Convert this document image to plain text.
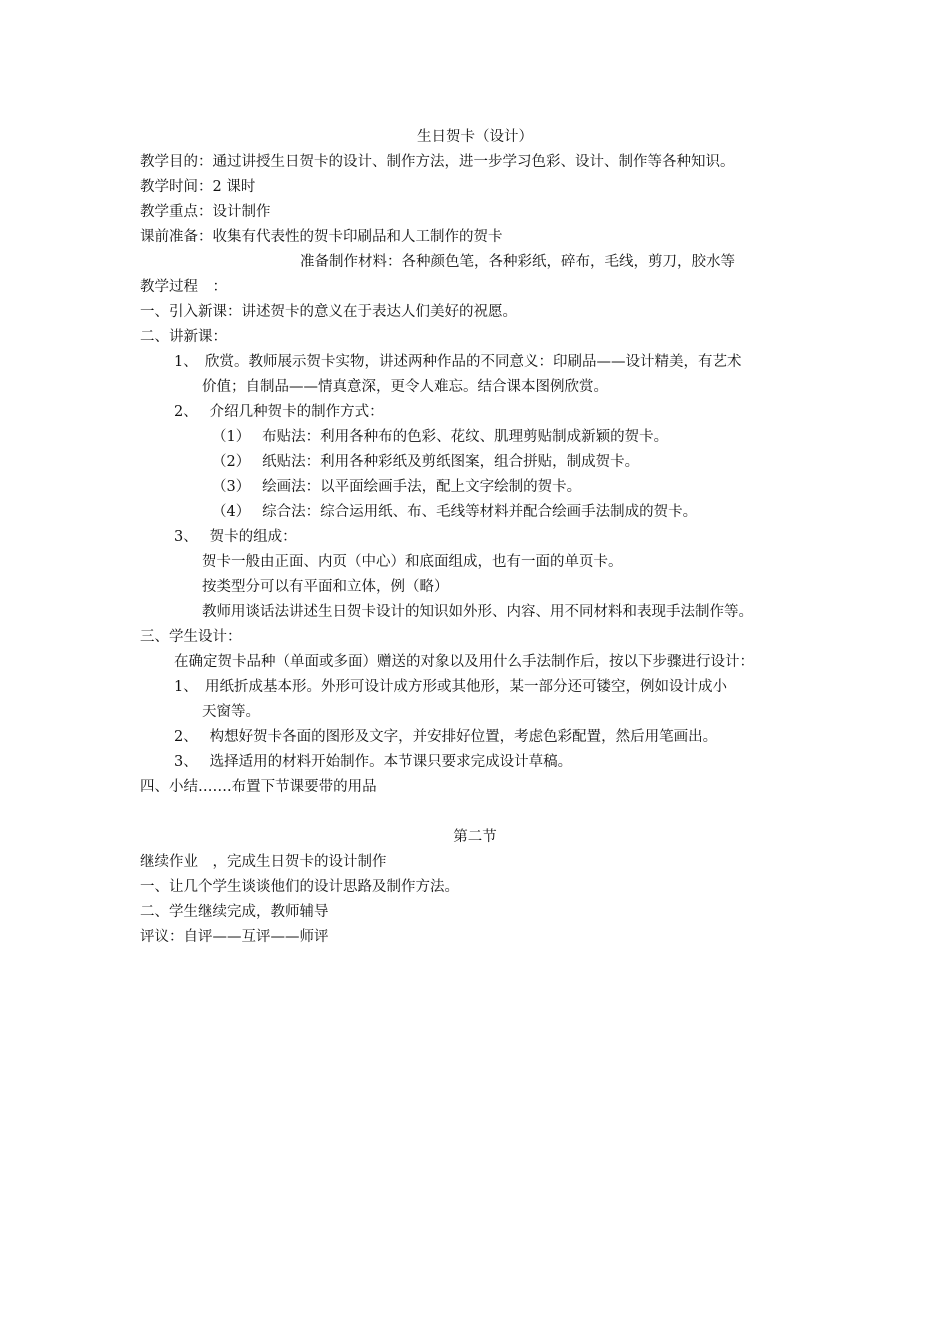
生日贺卡（设计）
教学目的：通过讲授生日贺卡的设计、制作方法，进一步学习色彩、设计、制作等各种知识。
教学时间：2 课时
教学重点：设计制作
课前准备：收集有代表性的贺卡印刷品和人工制作的贺卡
准备制作材料：各种颜色笔，各种彩纸，碎布，毛线，剪刀，胶水等
教学过程　：
一、引入新课：讲述贺卡的意义在于表达人们美好的祝愿。
二、讲新课：
1、　欣赏。教师展示贺卡实物，讲述两种作品的不同意义：印刷品——设计精美，有艺术
价值；自制品——情真意深，更令人难忘。结合课本图例欣赏。
2、　 介绍几种贺卡的制作方式：
（1）　 布贴法：利用各种布的色彩、花纹、肌理剪贴制成新颖的贺卡。
（2）　 纸贴法：利用各种彩纸及剪纸图案，组合拼贴，制成贺卡。
（3）　 绘画法：以平面绘画手法，配上文字绘制的贺卡。
（4）　 综合法：综合运用纸、布、毛线等材料并配合绘画手法制成的贺卡。
3、　 贺卡的组成：
贺卡一般由正面、内页（中心）和底面组成，也有一面的单页卡。
按类型分可以有平面和立体，例（略）
教师用谈话法讲述生日贺卡设计的知识如外形、内容、用不同材料和表现手法制作等。
三、学生设计：
在确定贺卡品种（单面或多面）赠送的对象以及用什么手法制作后，按以下步骤进行设计：
1、　用纸折成基本形。外形可设计成方形或其他形，某一部分还可镂空，例如设计成小
天窗等。
2、　 构想好贺卡各面的图形及文字，并安排好位置，考虑色彩配置，然后用笔画出。
3、　 选择适用的材料开始制作。本节课只要求完成设计草稿。
四、小结…….布置下节课要带的用品
第二节
继续作业　，完成生日贺卡的设计制作
一、让几个学生谈谈他们的设计思路及制作方法。
二、学生继续完成，教师辅导
评议：自评——互评——师评
